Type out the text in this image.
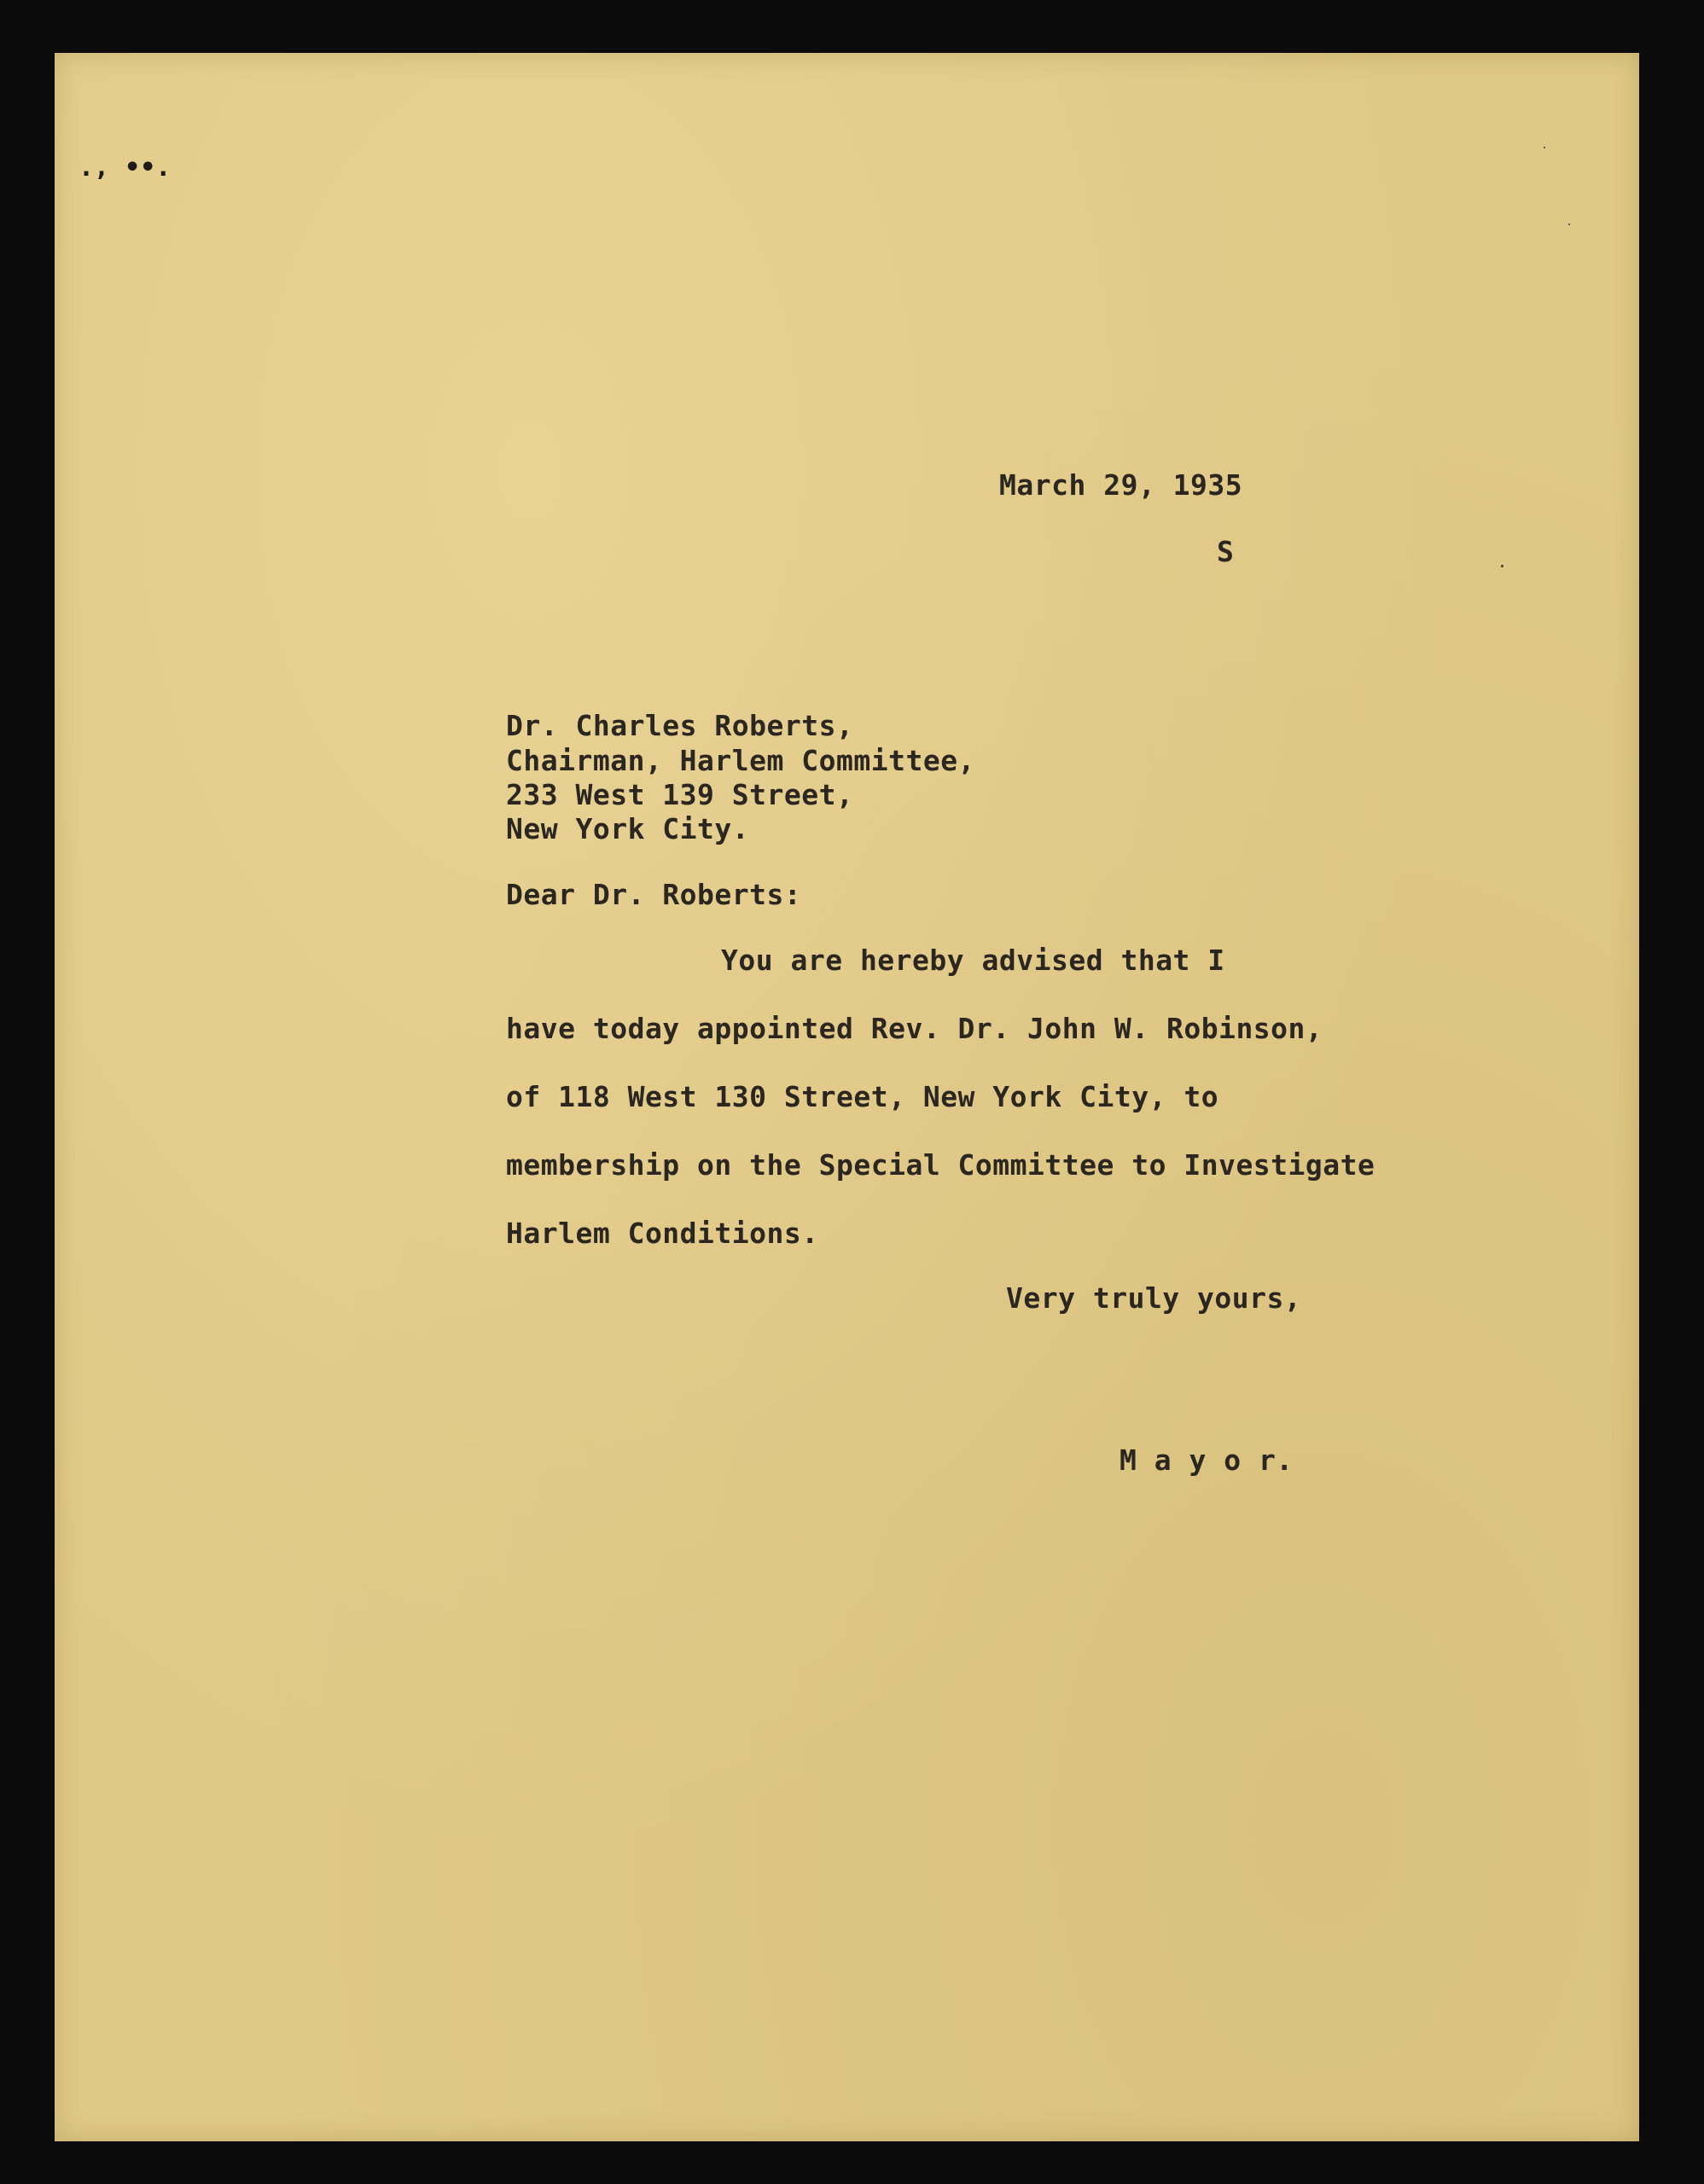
., ••.
March 29, 1935
S
Dr. Charles Roberts,
Chairman, Harlem Committee,
233 West 139 Street,
New York City.
Dear Dr. Roberts:
You are hereby advised that I
have today appointed Rev. Dr. John W. Robinson,
of 118 West 130 Street, New York City, to
membership on the Special Committee to Investigate
Harlem Conditions.
Very truly yours,
M a y o r.
